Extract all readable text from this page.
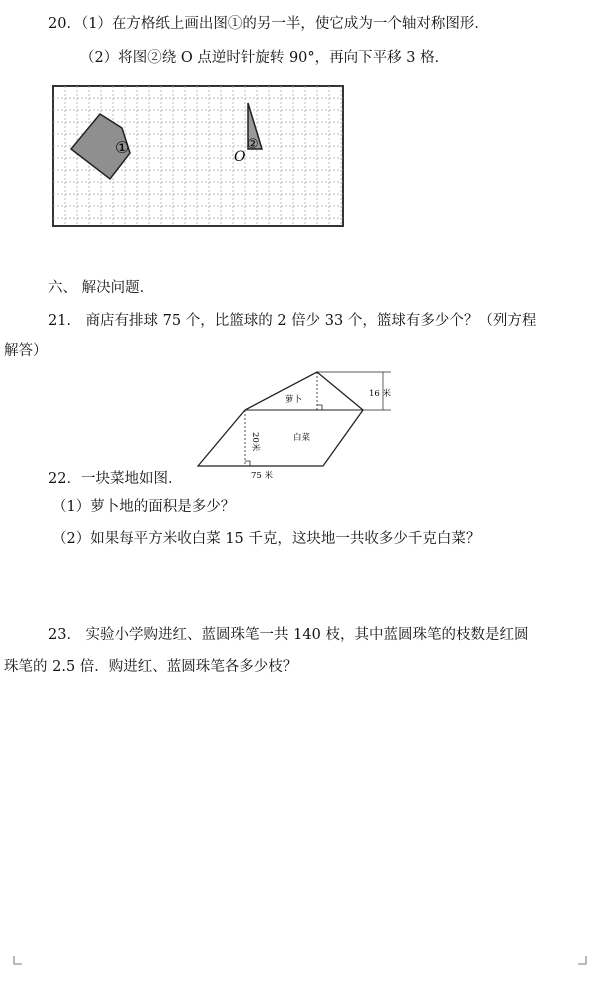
20．（1）在方格纸上画出图①的另一半，使它成为一个轴对称图形．
（2）将图②绕 O 点逆时针旋转 90°，再向下平移 3 格．
①	②
O
六、 解决问题．
21． 商店有排球 75 个，比篮球的 2 倍少 33 个，篮球有多少个？（列方程
解答）
16 米
萝卜
白菜
20米
75 米
22．一块菜地如图．
（1）萝卜地的面积是多少？
（2）如果每平方米收白菜 15 千克，这块地一共收多少千克白菜？
23． 实验小学购进红、蓝圆珠笔一共 140 枝，其中蓝圆珠笔的枝数是红圆
珠笔的 2.5 倍．购进红、蓝圆珠笔各多少枝？
